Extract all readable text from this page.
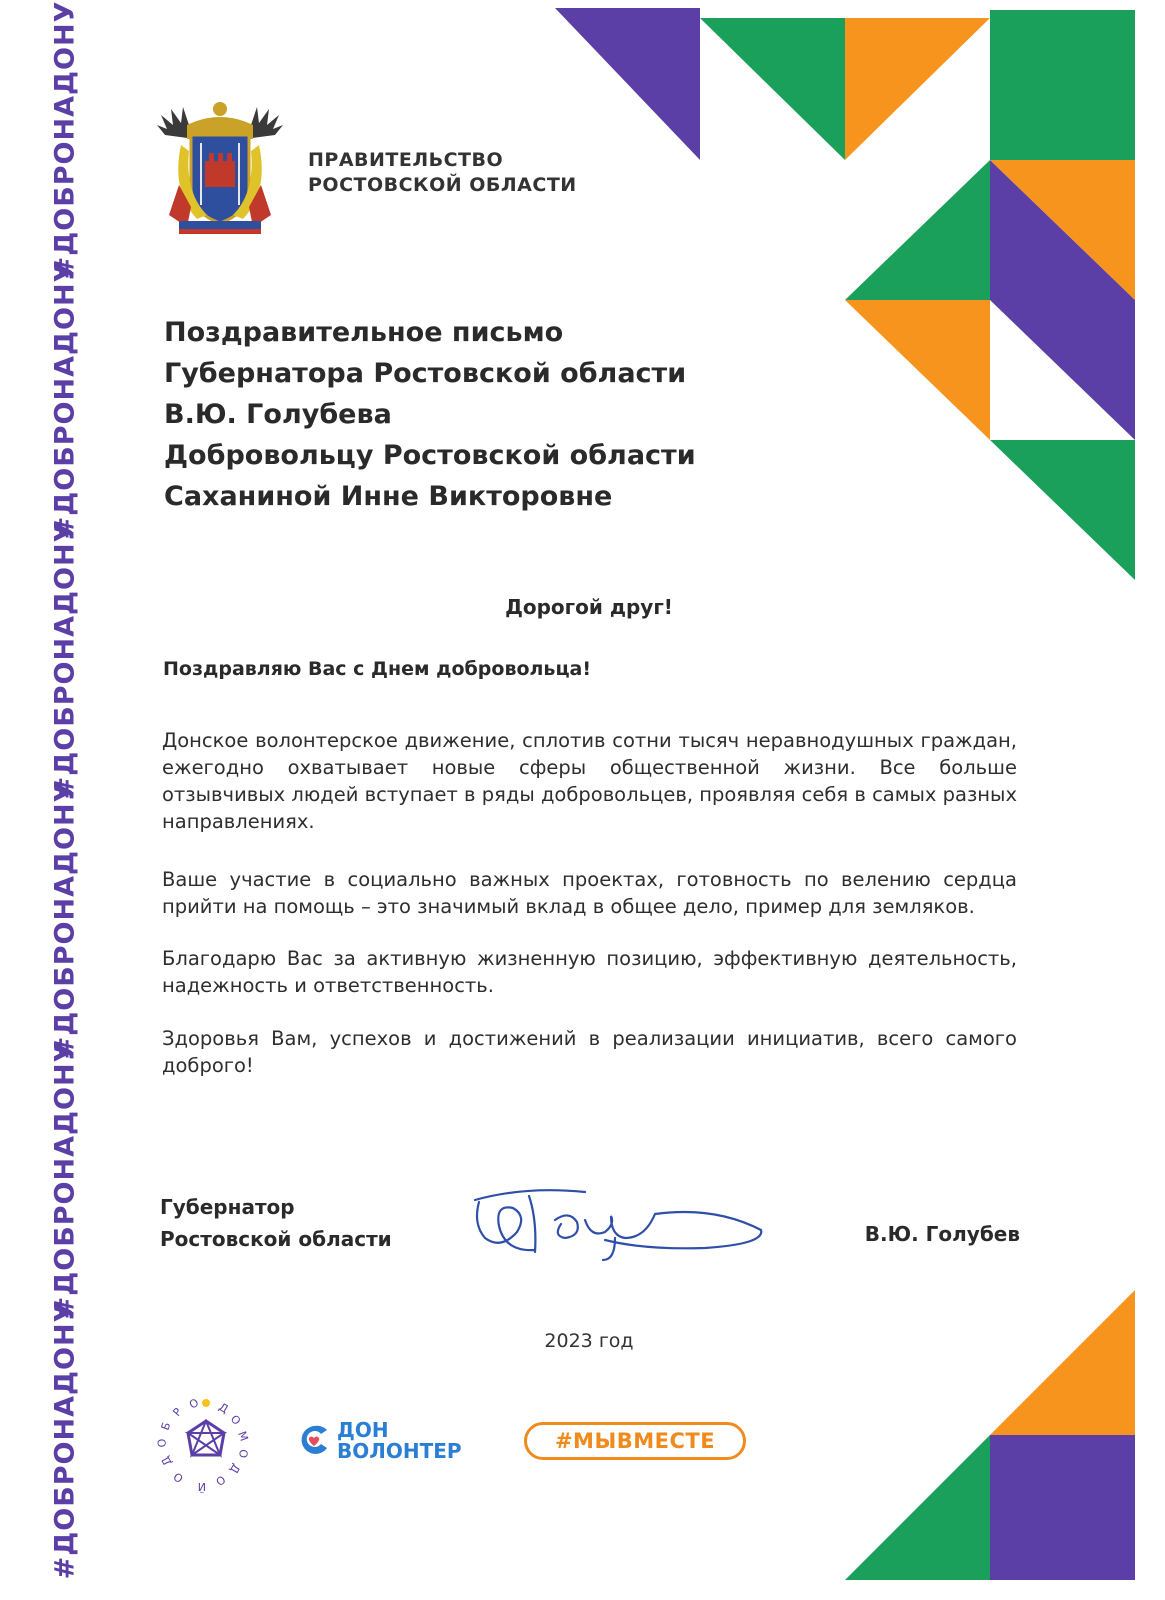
#ДОБРОНАДОНУ
#ДОБРОНАДОНУ
#ДОБРОНАДОНУ
#ДОБРОНАДОНУ
#ДОБРОНАДОНУ
#ДОБРОНАДОНУ
ПРАВИТЕЛЬСТВО
РОСТОВСКОЙ ОБЛАСТИ
Поздравительное письмо
Губернатора Ростовской области
В.Ю. Голубева
Добровольцу Ростовской области
Саханиной Инне Викторовне
Дорогой друг!
Поздравляю Вас с Днем добровольца!
Донское волонтерское движение, сплотив сотни тысяч неравнодушных граждан, ежегодно охватывает новые сферы общественной жизни. Все больше отзывчивых людей вступает в ряды добровольцев, проявляя себя в самых разных направлениях.
Ваше участие в социально важных проектах, готовность по велению сердца прийти на помощь – это значимый вклад в общее дело, пример для земляков.
Благодарю Вас за активную жизненную позицию, эффективную деятельность, надежность и ответственность.
Здоровья Вам, успехов и достижений в реализации инициатив, всего самого доброго!
Губернатор
Ростовской области	В.Ю. Голубев
2023 год
Д
О
М
О
Д
О
Й
О
Д
О
Б
Р
О
ДОН
ВОЛОНТЕР	#МЫВМЕСТЕ
